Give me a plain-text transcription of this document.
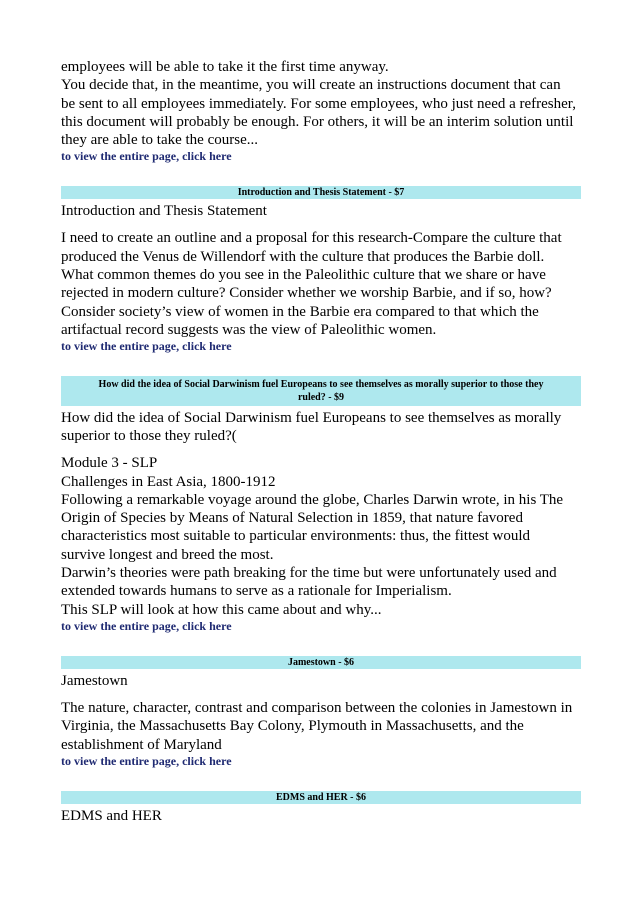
employees will be able to take it the first time anyway.

You decide that, in the meantime, you will create an instructions document that can

be sent to all employees immediately. For some employees, who just need a refresher,

this document will probably be enough. For others, it will be an interim solution until

they are able to take the course...

to view the entire page, click here
Introduction and Thesis Statement - $7

Introduction and Thesis Statement

I need to create an outline and a proposal for this research-Compare the culture that

produced the Venus de Willendorf with the culture that produces the Barbie doll.

What common themes do you see in the Paleolithic culture that we share or have

rejected in modern culture? Consider whether we worship Barbie, and if so, how?

Consider society’s view of women in the Barbie era compared to that which the

artifactual record suggests was the view of Paleolithic women.

to view the entire page, click here
How did the idea of Social Darwinism fuel Europeans to see themselves as morally superior to those they
ruled? - $9

How did the idea of Social Darwinism fuel Europeans to see themselves as morally

superior to those they ruled?(

Module 3 - SLP

Challenges in East Asia, 1800-1912

Following a remarkable voyage around the globe, Charles Darwin wrote, in his The

Origin of Species by Means of Natural Selection in 1859, that nature favored

characteristics most suitable to particular environments: thus, the fittest would

survive longest and breed the most.

Darwin’s theories were path breaking for the time but were unfortunately used and

extended towards humans to serve as a rationale for Imperialism.

This SLP will look at how this came about and why...

to view the entire page, click here
Jamestown - $6

Jamestown

The nature, character, contrast and comparison between the colonies in Jamestown in

Virginia, the Massachusetts Bay Colony, Plymouth in Massachusetts, and the

establishment of Maryland

to view the entire page, click here
EDMS and HER - $6

EDMS and HER
